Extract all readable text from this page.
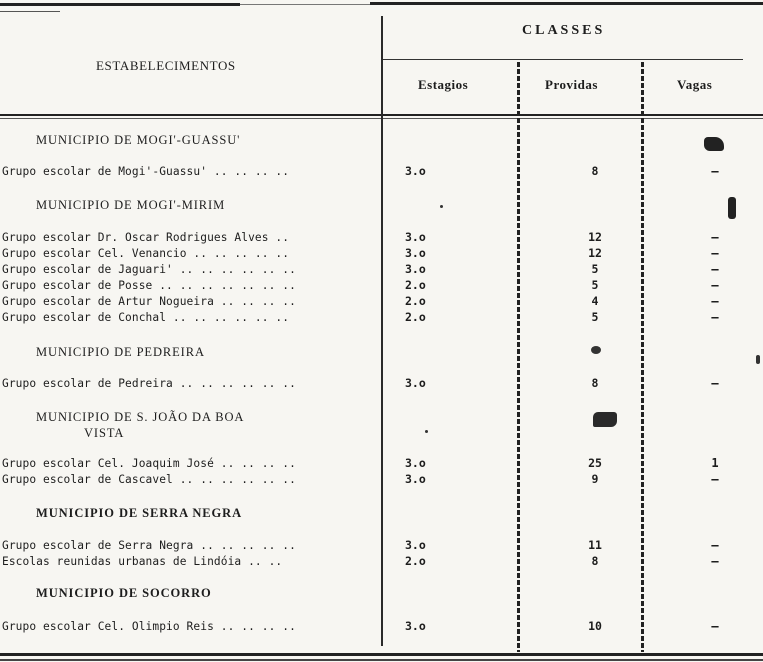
ESTABELECIMENTOS
CLASSES
Estagios	Providas	Vagas
MUNICIPIO DE MOGI'-GUASSU'
Grupo escolar de Mogi'-Guassu' .. .. .. ..	3.o	8	—
MUNICIPIO DE MOGI'-MIRIM
Grupo escolar Dr. Oscar Rodrigues Alves ..	3.o	12	—
Grupo escolar Cel. Venancio .. .. .. .. ..	3.o	12	—
Grupo escolar de Jaguari' .. .. .. .. .. ..	3.o	5	—
Grupo escolar de Posse .. .. .. .. .. .. ..	2.o	5	—
Grupo escolar de Artur Nogueira .. .. .. ..	2.o	4	—
Grupo escolar de Conchal .. .. .. .. .. ..	2.o	5	—
MUNICIPIO DE PEDREIRA
Grupo escolar de Pedreira .. .. .. .. .. ..	3.o	8	—
MUNICIPIO DE S. JOÃO DA BOA
VISTA
Grupo escolar Cel. Joaquim José .. .. .. ..	3.o	25	1
Grupo escolar de Cascavel .. .. .. .. .. ..	3.o	9	—
MUNICIPIO DE SERRA NEGRA
Grupo escolar de Serra Negra .. .. .. .. ..	3.o	11	—
Escolas reunidas urbanas de Lindóia .. ..	2.o	8	—
MUNICIPIO DE SOCORRO
Grupo escolar Cel. Olimpio Reis .. .. .. ..	3.o	10	—
